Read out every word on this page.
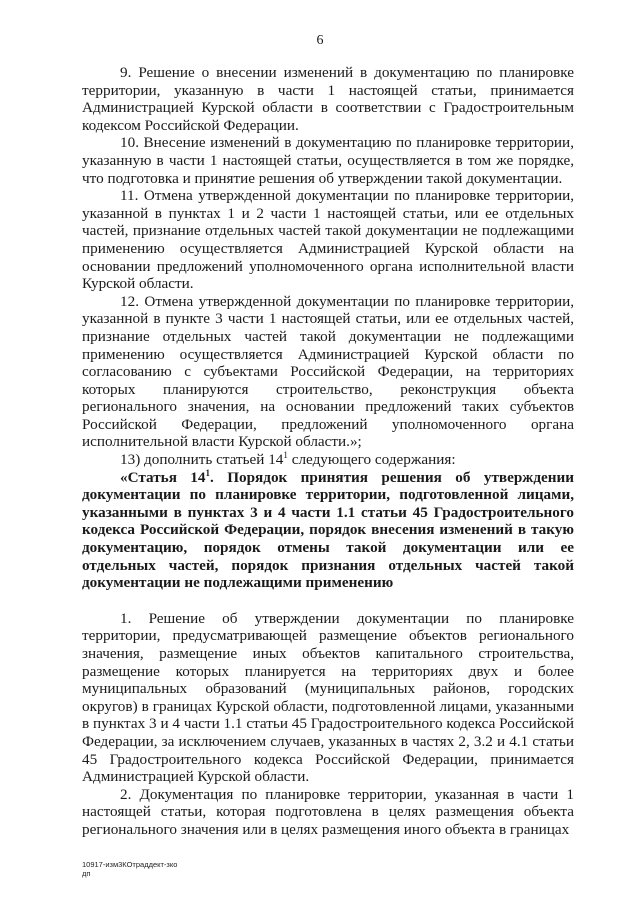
6

9. Решение о внесении изменений в документацию по планировке территории, указанную в части 1 настоящей статьи, принимается Администрацией Курской области в соответствии с Градостроительным кодексом Российской Федерации.

10. Внесение изменений в документацию по планировке территории, указанную в части 1 настоящей статьи, осуществляется в том же порядке, что подготовка и принятие решения об утверждении такой документации.

11. Отмена утвержденной документации по планировке территории, указанной в пунктах 1 и 2 части 1 настоящей статьи, или ее отдельных частей, признание отдельных частей такой документации не подлежащими применению осуществляется Администрацией Курской области на основании предложений уполномоченного органа исполнительной власти Курской области.

12. Отмена утвержденной документации по планировке территории, указанной в пункте 3 части 1 настоящей статьи, или ее отдельных частей, признание отдельных частей такой документации не подлежащими применению осуществляется Администрацией Курской области по согласованию с субъектами Российской Федерации, на территориях которых планируются строительство, реконструкция объекта регионального значения, на основании предложений таких субъектов Российской Федерации, предложений уполномоченного органа исполнительной власти Курской области.»;

13) дополнить статьей $14^1$ следующего содержания:

«Статья $14^1$. Порядок принятия решения об утверждении документации по планировке территории, подготовленной лицами, указанными в пунктах 3 и 4 части 1.1 статьи 45 Градостроительного кодекса Российской Федерации, порядок внесения изменений в такую документацию, порядок отмены такой документации или ее отдельных частей, порядок признания отдельных частей такой документации не подлежащими применению

1. Решение об утверждении документации по планировке территории, предусматривающей размещение объектов регионального значения, размещение иных объектов капитального строительства, размещение которых планируется на территориях двух и более муниципальных образований (муниципальных районов, городских округов) в границах Курской области, подготовленной лицами, указанными в пунктах 3 и 4 части 1.1 статьи 45 Градостроительного кодекса Российской Федерации, за исключением случаев, указанных в частях 2, 3.2 и 4.1 статьи 45 Градостроительного кодекса Российской Федерации, принимается Администрацией Курской области.

2. Документация по планировке территории, указанная в части 1 настоящей статьи, которая подготовлена в целях размещения объекта регионального значения или в целях размещения иного объекта в границах

10917-изм3КОтраддект-зко
дп
